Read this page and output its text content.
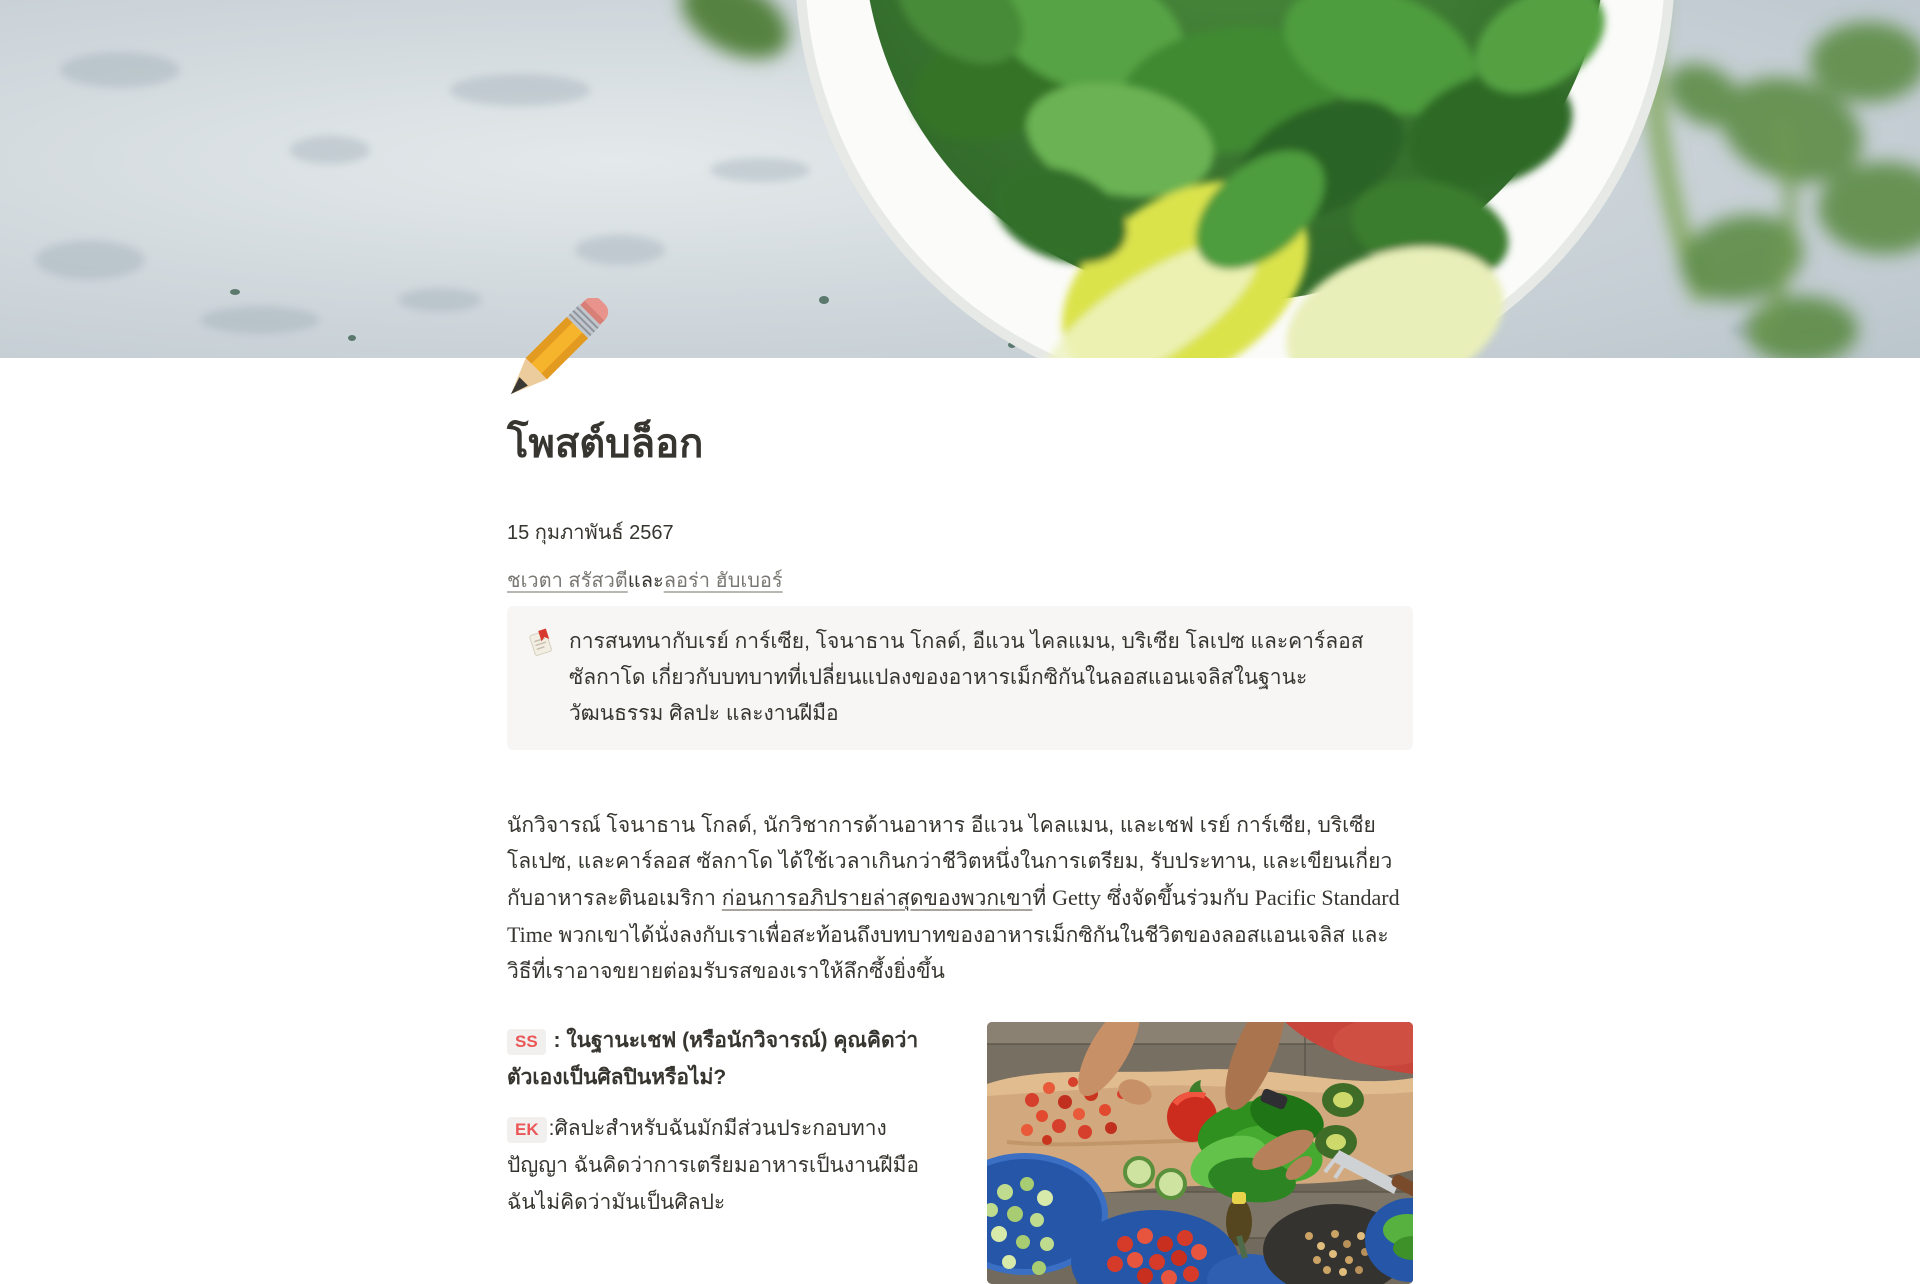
โพสต์บล็อก
15 กุมภาพันธ์ 2567
ชเวตา สรัสวตีและลอร่า ฮับเบอร์
การสนทนากับเรย์ การ์เซีย, โจนาธาน โกลด์, อีแวน ไคลแมน, บริเซีย โลเปซ และคาร์ลอส ซัลกาโด เกี่ยวกับบทบาทที่เปลี่ยนแปลงของอาหารเม็กซิกันในลอสแอนเจลิสในฐานะวัฒนธรรม ศิลปะ และงานฝีมือ

นักวิจารณ์ โจนาธาน โกลด์, นักวิชาการด้านอาหาร อีแวน ไคลแมน, และเชฟ เรย์ การ์เซีย, บริเซีย โลเปซ, และคาร์ลอส ซัลกาโด ได้ใช้เวลาเกินกว่าชีวิตหนึ่งในการเตรียม, รับประทาน, และเขียนเกี่ยวกับอาหารละตินอเมริกา ก่อนการอภิปรายล่าสุดของพวกเขาที่ Getty ซึ่งจัดขึ้นร่วมกับ Pacific Standard Time พวกเขาได้นั่งลงกับเราเพื่อสะท้อนถึงบทบาทของอาหารเม็กซิกันในชีวิตของลอสแอนเจลิส และวิธีที่เราอาจขยายต่อมรับรสของเราให้ลึกซึ้งยิ่งขึ้น

SS : ในฐานะเชฟ (หรือนักวิจารณ์) คุณคิดว่าตัวเองเป็นศิลปินหรือไม่?

EK :ศิลปะสำหรับฉันมักมีส่วนประกอบทางปัญญา ฉันคิดว่าการเตรียมอาหารเป็นงานฝีมือ ฉันไม่คิดว่ามันเป็นศิลปะ
